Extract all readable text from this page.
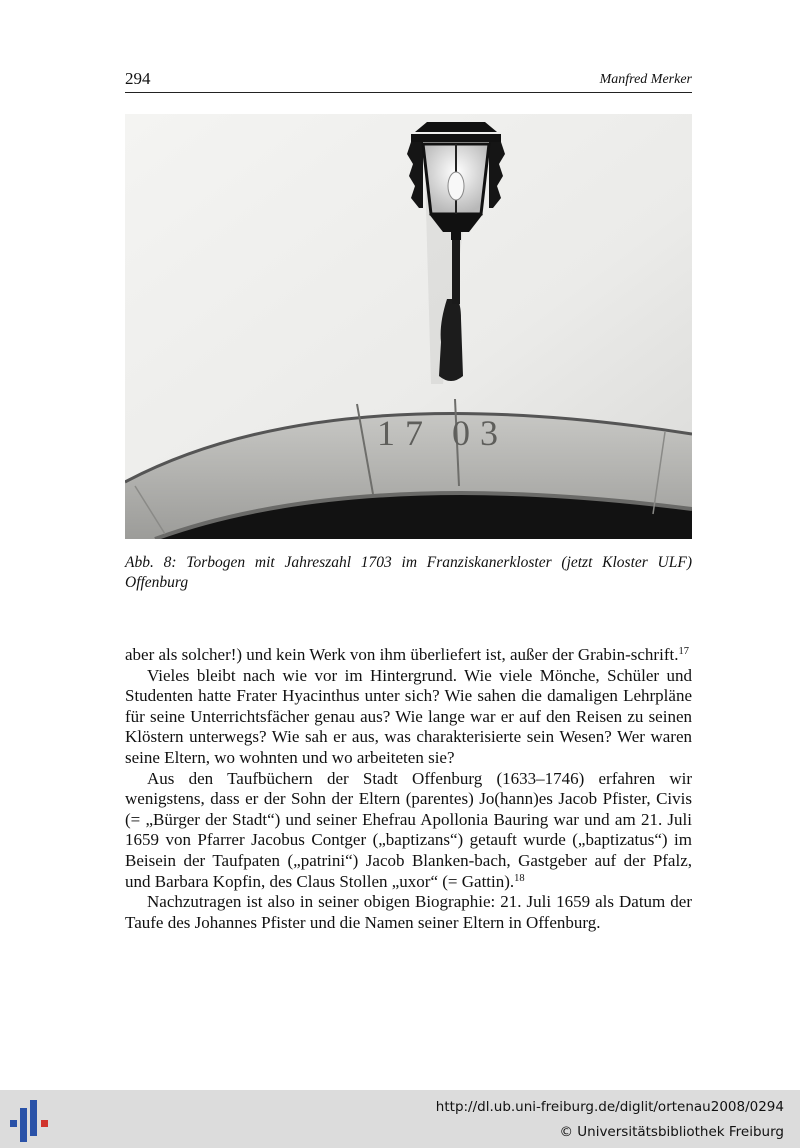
294	Manfred Merker
17 03
Abb. 8: Torbogen mit Jahreszahl 1703 im Franziskanerkloster (jetzt Kloster ULF) Offenburg

aber als solcher!) und kein Werk von ihm überliefert ist, außer der Grabin-schrift.$^{17}$

Vieles bleibt nach wie vor im Hintergrund. Wie viele Mönche, Schüler und Studenten hatte Frater Hyacinthus unter sich? Wie sahen die damaligen Lehrpläne für seine Unterrichtsfächer genau aus? Wie lange war er auf den Reisen zu seinen Klöstern unterwegs? Wie sah er aus, was charakterisierte sein Wesen? Wer waren seine Eltern, wo wohnten und wo arbeiteten sie?

Aus den Taufbüchern der Stadt Offenburg (1633–1746) erfahren wir wenigstens, dass er der Sohn der Eltern (parentes) Jo(hann)es Jacob Pfister, Civis (= „Bürger der Stadt“) und seiner Ehefrau Apollonia Bauring war und am 21. Juli 1659 von Pfarrer Jacobus Contger („baptizans“) getauft wurde („baptizatus“) im Beisein der Taufpaten („patrini“) Jacob Blanken-bach, Gastgeber auf der Pfalz, und Barbara Kopfin, des Claus Stollen „uxor“ (= Gattin).$^{18}$

Nachzutragen ist also in seiner obigen Biographie: 21. Juli 1659 als Datum der Taufe des Johannes Pfister und die Namen seiner Eltern in Offenburg.

http://dl.ub.uni-freiburg.de/diglit/ortenau2008/0294
© Universitätsbibliothek Freiburg
